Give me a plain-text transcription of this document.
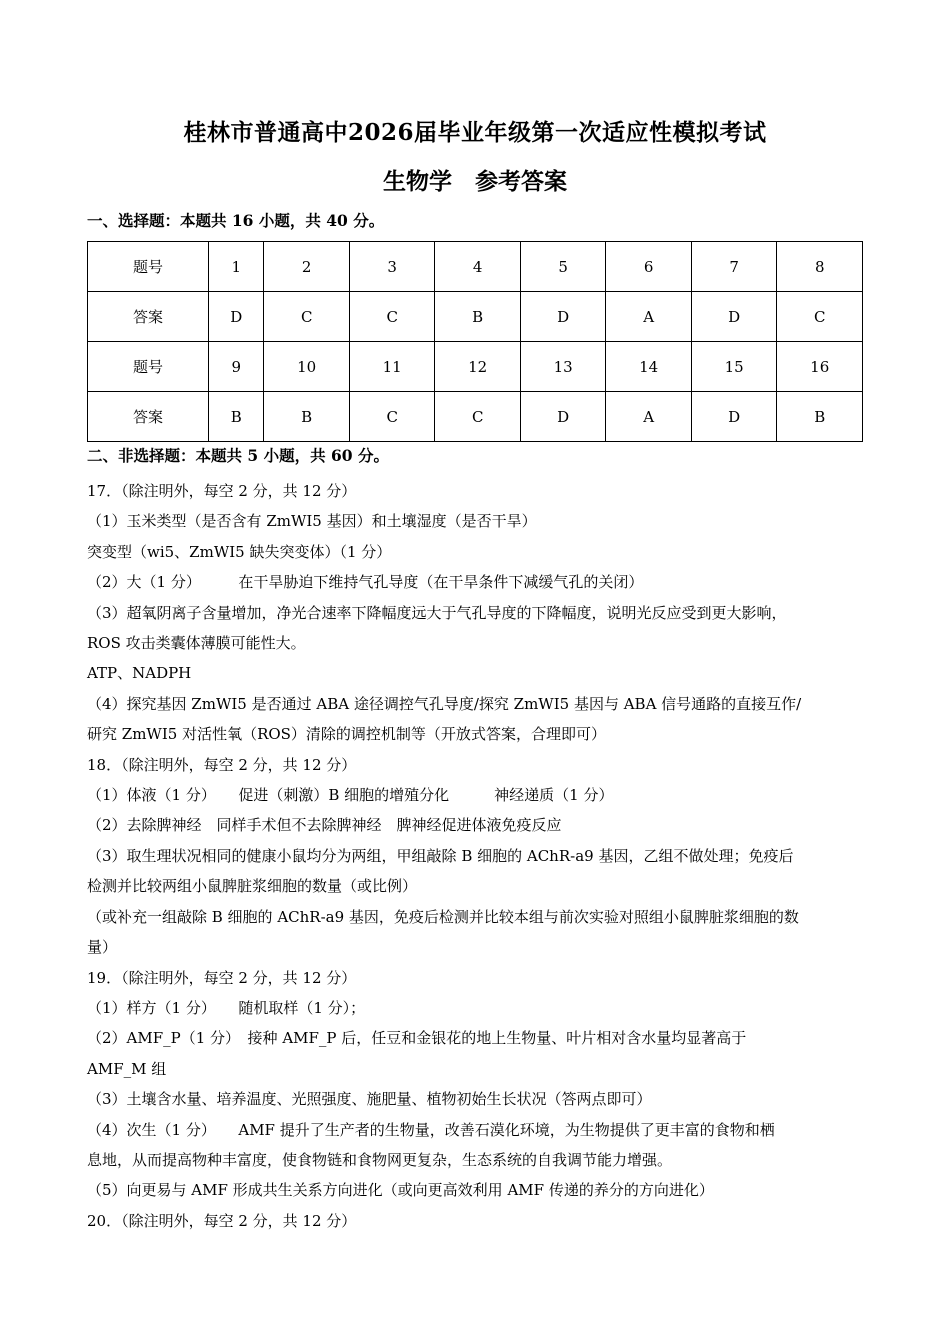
桂林市普通高中2026届毕业年级第一次适应性模拟考试
生物学　参考答案
一、选择题：本题共 16 小题，共 40 分。
题号	1	2	3	4	5	6	7	8
答案	D	C	C	B	D	A	D	C
题号	9	10	11	12	13	14	15	16
答案	B	B	C	C	D	A	D	B
二、非选择题：本题共 5 小题，共 60 分。

17．（除注明外，每空 2 分，共 12 分）

（1）玉米类型（是否含有 ZmWI5 基因）和土壤湿度（是否干旱）

突变型（wi5、ZmWI5 缺失突变体）（1 分）

（2）大（1 分）　　　在干旱胁迫下维持气孔导度（在干旱条件下减缓气孔的关闭）

（3）超氧阴离子含量增加，净光合速率下降幅度远大于气孔导度的下降幅度，说明光反应受到更大影响，

ROS 攻击类囊体薄膜可能性大。

ATP、NADPH

（4）探究基因 ZmWI5 是否通过 ABA 途径调控气孔导度/探究 ZmWI5 基因与 ABA 信号通路的直接互作/

研究 ZmWI5 对活性氧（ROS）清除的调控机制等（开放式答案，合理即可）

18．（除注明外，每空 2 分，共 12 分）

（1）体液（1 分）　　促进（刺激）B 细胞的增殖分化　　　神经递质（1 分）

（2）去除脾神经　同样手术但不去除脾神经　脾神经促进体液免疫反应

（3）取生理状况相同的健康小鼠均分为两组，甲组敲除 B 细胞的 AChR-a9 基因，乙组不做处理；免疫后

检测并比较两组小鼠脾脏浆细胞的数量（或比例）

（或补充一组敲除 B 细胞的 AChR-a9 基因，免疫后检测并比较本组与前次实验对照组小鼠脾脏浆细胞的数

量）

19．（除注明外，每空 2 分，共 12 分）

（1）样方（1 分）　　随机取样（1 分）；

（2）AMF_P（1 分）　接种 AMF_P 后，任豆和金银花的地上生物量、叶片相对含水量均显著高于

AMF_M 组

（3）土壤含水量、培养温度、光照强度、施肥量、植物初始生长状况（答两点即可）

（4）次生（1 分）　　AMF 提升了生产者的生物量，改善石漠化环境，为生物提供了更丰富的食物和栖

息地，从而提高物种丰富度，使食物链和食物网更复杂，生态系统的自我调节能力增强。

（5）向更易与 AMF 形成共生关系方向进化（或向更高效利用 AMF 传递的养分的方向进化）

20．（除注明外，每空 2 分，共 12 分）
